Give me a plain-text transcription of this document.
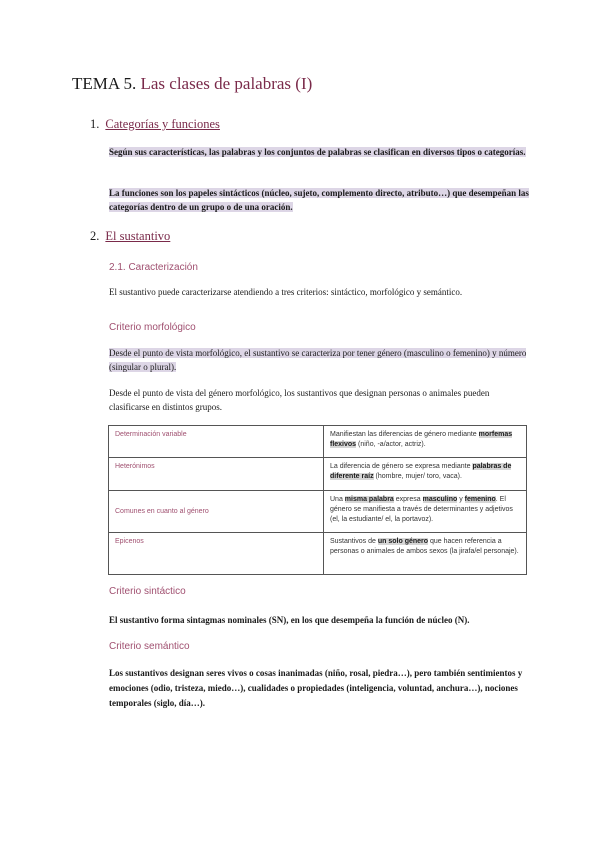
TEMA 5. Las clases de palabras (I)
1. Categorías y funciones
Según sus características, las palabras y los conjuntos de palabras se clasifican en diversos tipos o categorías.
La funciones son los papeles sintácticos (núcleo, sujeto, complemento directo, atributo…) que desempeñan las categorías dentro de un grupo o de una oración.
2. El sustantivo
2.1. Caracterización
El sustantivo puede caracterizarse atendiendo a tres criterios: sintáctico, morfológico y semántico.
Criterio morfológico
Desde el punto de vista morfológico, el sustantivo se caracteriza por tener género (masculino o femenino) y número (singular o plural).
Desde el punto de vista del género morfológico, los sustantivos que designan personas o animales pueden clasificarse en distintos grupos.
Determinación variable	Manifiestan las diferencias de género mediante morfemas flexivos (niño, -a/actor, actriz).
Heterónimos	La diferencia de género se expresa mediante palabras de diferente raíz (hombre, mujer/ toro, vaca).
Comunes en cuanto al género	Una misma palabra expresa masculino y femenino. El género se manifiesta a través de determinantes y adjetivos (el, la estudiante/ el, la portavoz).
Epicenos	Sustantivos de un solo género que hacen referencia a personas o animales de ambos sexos (la jirafa/el personaje).
Criterio sintáctico
El sustantivo forma sintagmas nominales (SN), en los que desempeña la función de núcleo (N).
Criterio semántico
Los sustantivos designan seres vivos o cosas inanimadas (niño, rosal, piedra…), pero también sentimientos y emociones (odio, tristeza, miedo…), cualidades o propiedades (inteligencia, voluntad, anchura…), nociones temporales (siglo, día…).
